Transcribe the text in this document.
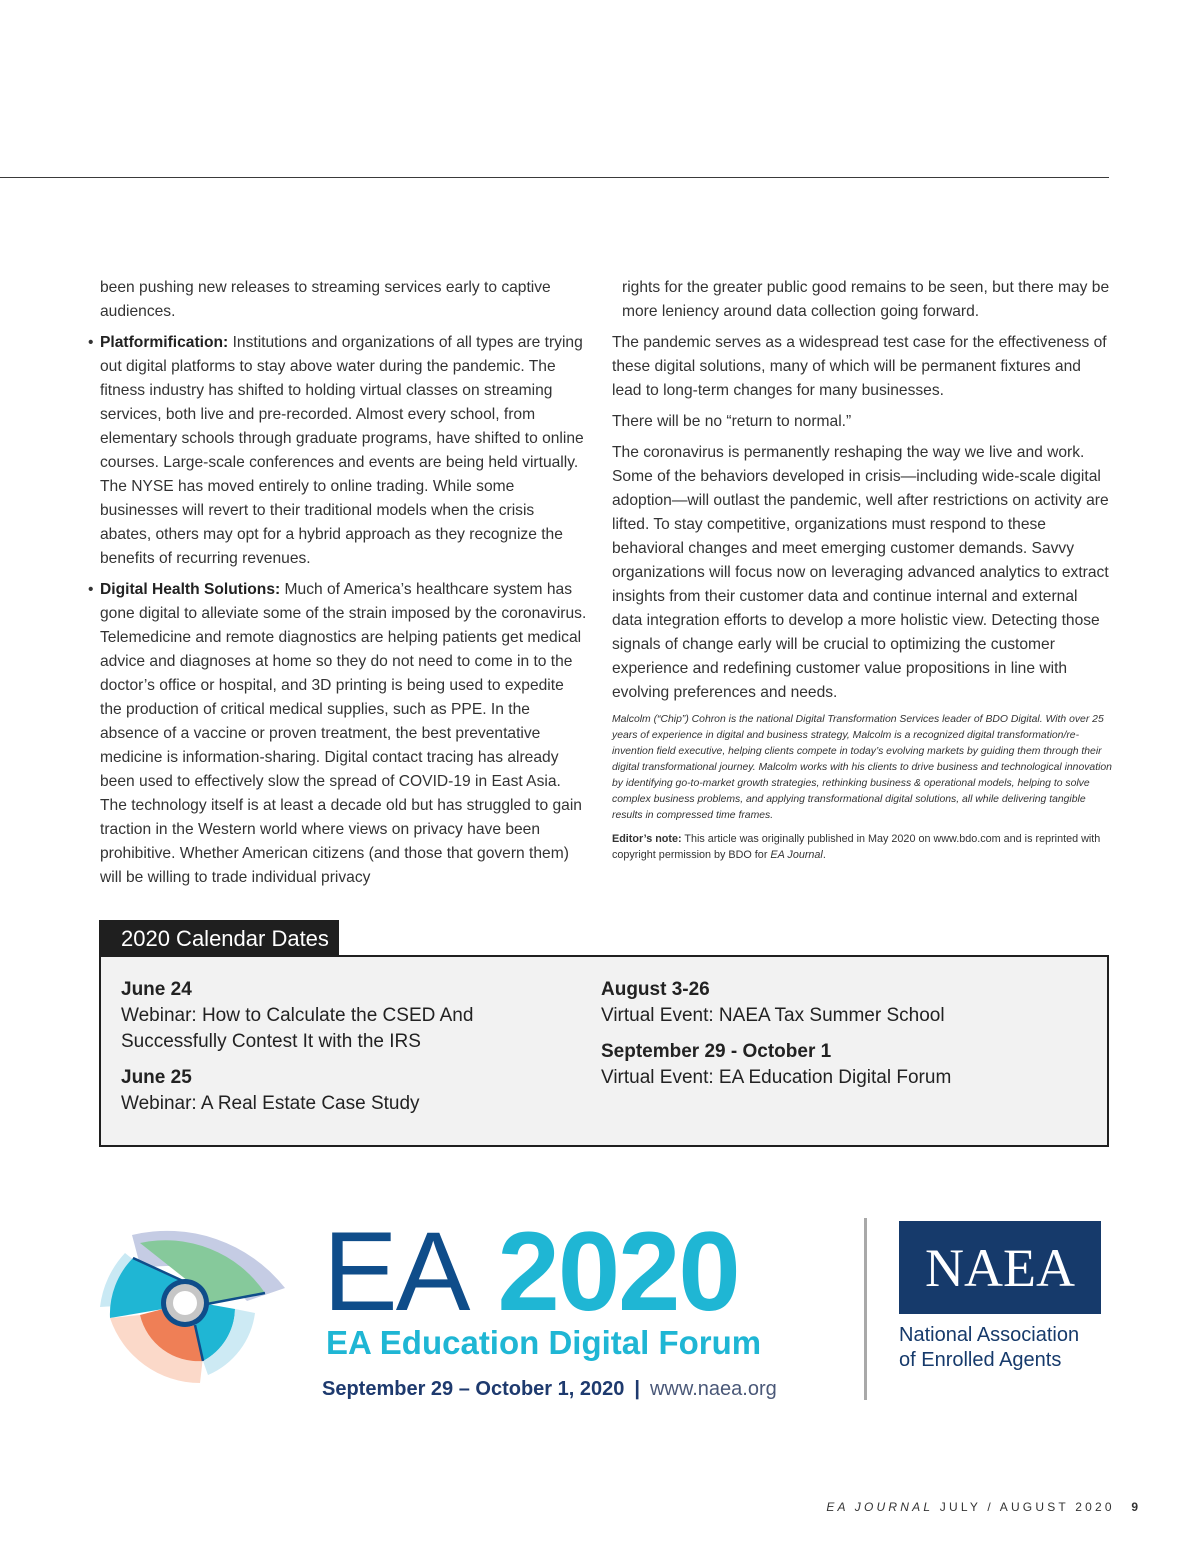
been pushing new releases to streaming services early to captive audiences.

• Platformification: Institutions and organizations of all types are trying out digital platforms to stay above water during the pandemic. The fitness industry has shifted to holding virtual classes on streaming services, both live and pre-recorded. Almost every school, from elementary schools through graduate programs, have shifted to online courses. Large-scale conferences and events are being held virtually. The NYSE has moved entirely to online trading. While some businesses will revert to their traditional models when the crisis abates, others may opt for a hybrid approach as they recognize the benefits of recurring revenues.

• Digital Health Solutions: Much of America’s healthcare system has gone digital to alleviate some of the strain imposed by the coronavirus. Telemedicine and remote diagnostics are helping patients get medical advice and diagnoses at home so they do not need to come in to the doctor’s office or hospital, and 3D printing is being used to expedite the production of critical medical supplies, such as PPE. In the absence of a vaccine or proven treatment, the best preventative medicine is information-sharing. Digital contact tracing has already been used to effectively slow the spread of COVID-19 in East Asia. The technology itself is at least a decade old but has struggled to gain traction in the Western world where views on privacy have been prohibitive. Whether American citizens (and those that govern them) will be willing to trade individual privacy

rights for the greater public good remains to be seen, but there may be more leniency around data collection going forward.

The pandemic serves as a widespread test case for the effectiveness of these digital solutions, many of which will be permanent fixtures and lead to long-term changes for many businesses.

There will be no “return to normal.”

The coronavirus is permanently reshaping the way we live and work. Some of the behaviors developed in crisis—including wide-scale digital adoption—will outlast the pandemic, well after restrictions on activity are lifted. To stay competitive, organizations must respond to these behavioral changes and meet emerging customer demands. Savvy organizations will focus now on leveraging advanced analytics to extract insights from their customer data and continue internal and external data integration efforts to develop a more holistic view. Detecting those signals of change early will be crucial to optimizing the customer experience and redefining customer value propositions in line with evolving preferences and needs.

Malcolm (“Chip”) Cohron is the national Digital Transformation Services leader of BDO Digital. With over 25 years of experience in digital and business strategy, Malcolm is a recognized digital transformation/re-invention field executive, helping clients compete in today’s evolving markets by guiding them through their digital transformational journey. Malcolm works with his clients to drive business and technological innovation by identifying go-to-market growth strategies, rethinking business & operational models, helping to solve complex business problems, and applying transformational digital solutions, all while delivering tangible results in compressed time frames.

Editor’s note: This article was originally published in May 2020 on www.bdo.com and is reprinted with copyright permission by BDO for EA Journal.

2020 Calendar Dates
June 24
Webinar: How to Calculate the CSED And Successfully Contest It with the IRS
June 25
Webinar: A Real Estate Case Study
August 3-26
Virtual Event: NAEA Tax Summer School
September 29 - October 1
Virtual Event: EA Education Digital Forum
EA 2020
EA Education Digital Forum
September 29 – October 1, 2020 | www.naea.org
NAEA
National Association
of Enrolled Agents
EA JOURNAL JULY / AUGUST 2020 9
